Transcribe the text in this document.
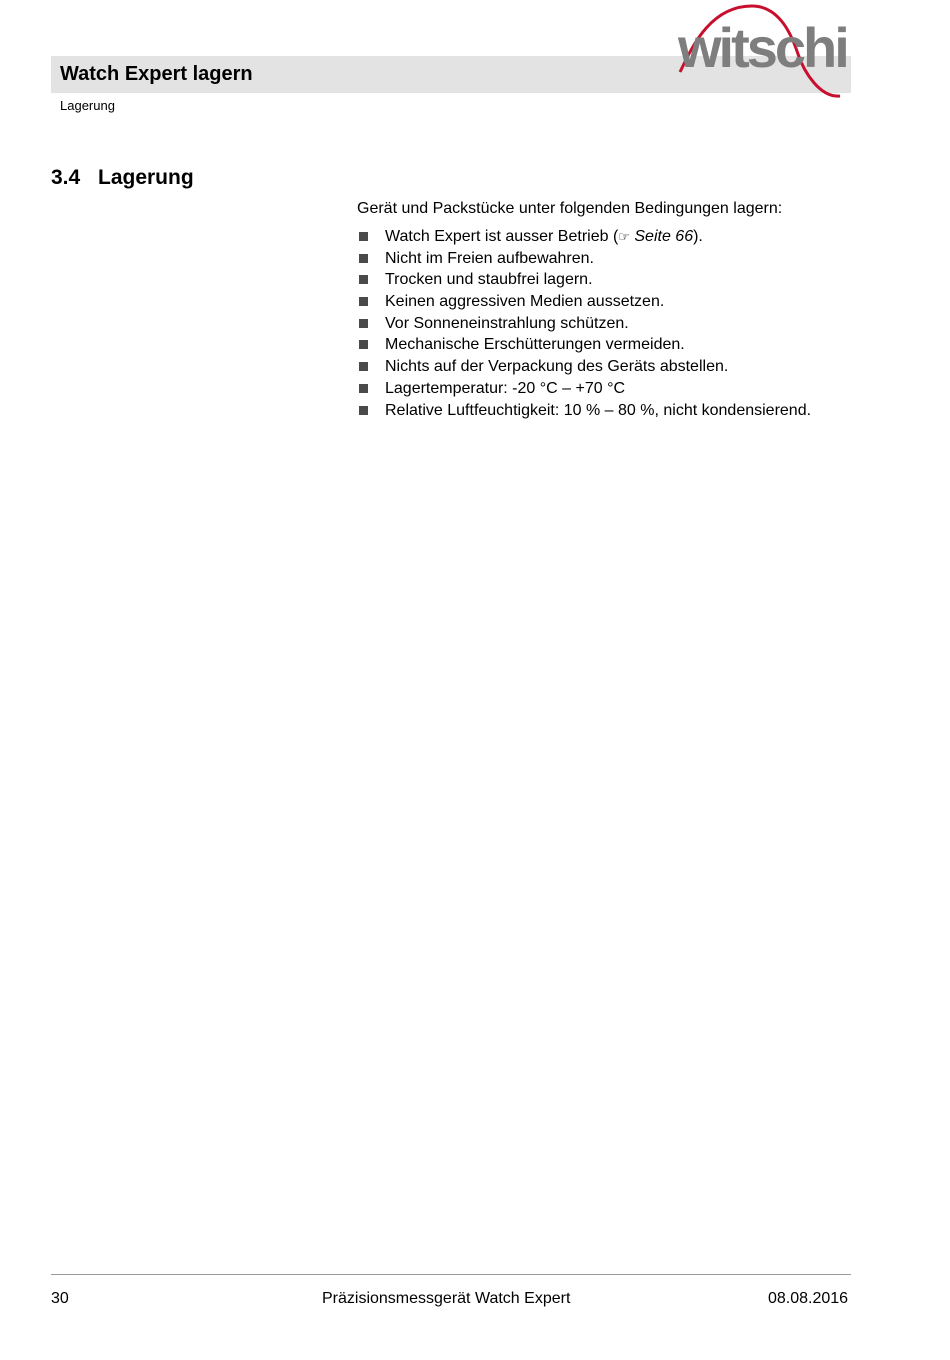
Watch Expert lagern
Lagerung
witschi
3.4 Lagerung
Gerät und Packstücke unter folgenden Bedingungen lagern:
Watch Expert ist ausser Betrieb (☞ Seite 66).
Nicht im Freien aufbewahren.
Trocken und staubfrei lagern.
Keinen aggressiven Medien aussetzen.
Vor Sonneneinstrahlung schützen.
Mechanische Erschütterungen vermeiden.
Nichts auf der Verpackung des Geräts abstellen.
Lagertemperatur: -20 °C – +70 °C
Relative Luftfeuchtigkeit: 10 % – 80 %, nicht kondensierend.
30	Präzisionsmessgerät Watch Expert	08.08.2016
